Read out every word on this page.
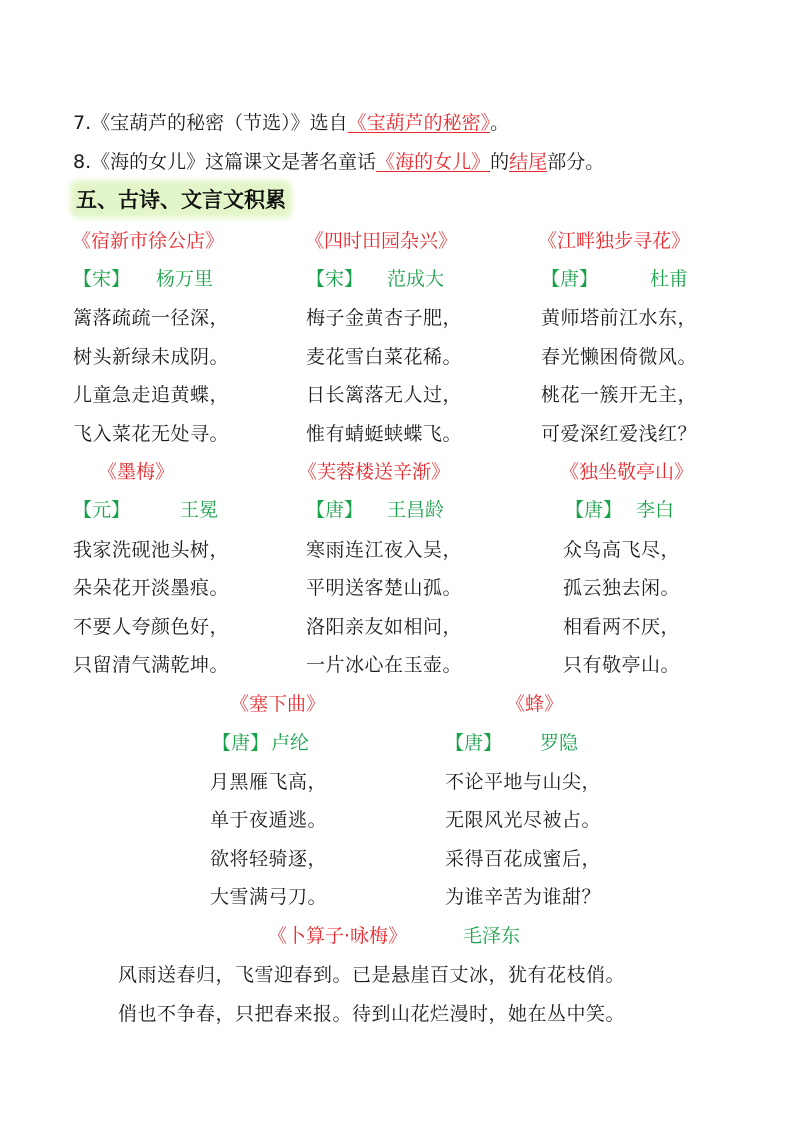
7.《宝葫芦的秘密（节选）》选自《宝葫芦的秘密》。
8.《海的女儿》这篇课文是著名童话《海的女儿》的结尾部分。
五、古诗、文言文积累
《宿新市徐公店》
【宋】 杨万里
篱落疏疏一径深，
树头新绿未成阴。
儿童急走追黄蝶，
飞入菜花无处寻。
《四时田园杂兴》
【宋】 范成大
梅子金黄杏子肥，
麦花雪白菜花稀。
日长篱落无人过，
惟有蜻蜓蛱蝶飞。
《江畔独步寻花》
【唐】	杜甫
黄师塔前江水东，
春光懒困倚微风。
桃花一簇开无主，
可爱深红爱浅红？
《墨梅》
【元】	王冕
我家洗砚池头树，
朵朵花开淡墨痕。
不要人夸颜色好，
只留清气满乾坤。
《芙蓉楼送辛渐》
【唐】 王昌龄
寒雨连江夜入吴，
平明送客楚山孤。
洛阳亲友如相问，
一片冰心在玉壶。
《独坐敬亭山》
【唐】 李白
众鸟高飞尽，
孤云独去闲。
相看两不厌，
只有敬亭山。
《塞下曲》
【唐】 卢纶
月黑雁飞高，
单于夜遁逃。
欲将轻骑逐，
大雪满弓刀。
《蜂》
【唐】 罗隐
不论平地与山尖，
无限风光尽被占。
采得百花成蜜后，
为谁辛苦为谁甜？
《卜算子·咏梅》	毛泽东
风雨送春归，飞雪迎春到。已是悬崖百丈冰，犹有花枝俏。
俏也不争春，只把春来报。待到山花烂漫时，她在丛中笑。
